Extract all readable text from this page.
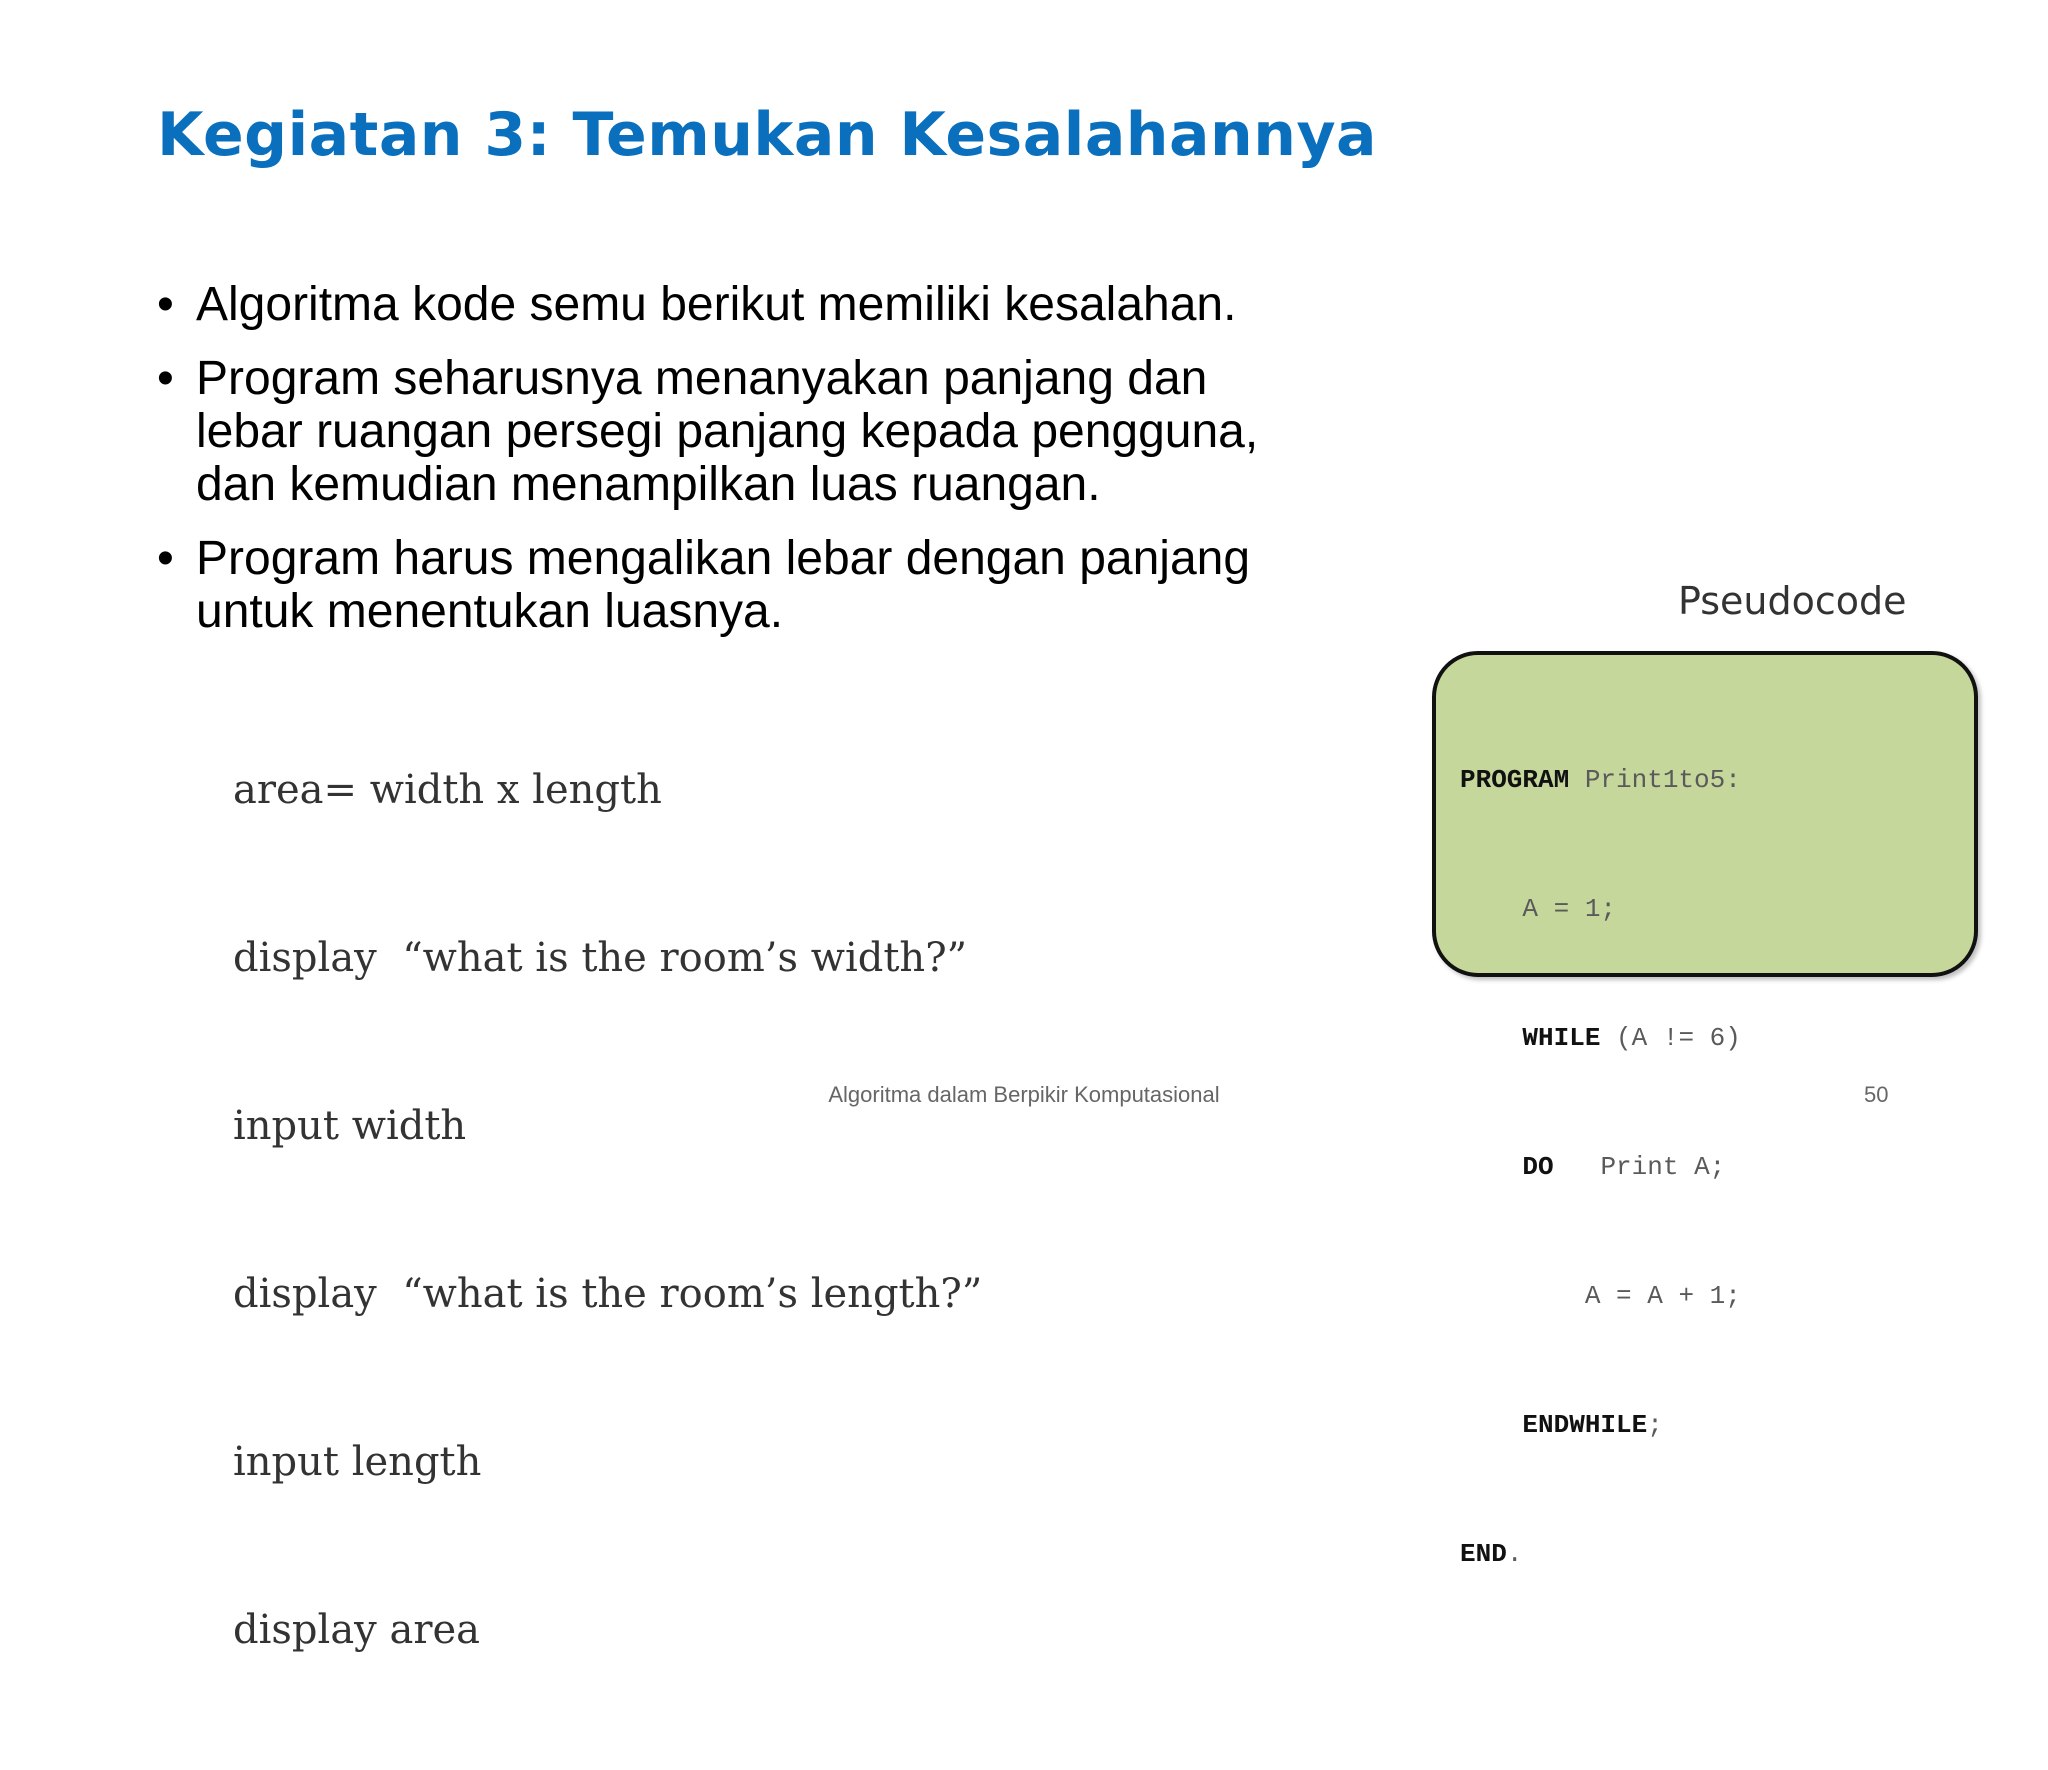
Kegiatan 3: Temukan Kesalahannya
• Algoritma kode semu berikut memiliki kesalahan.
• Program seharusnya menanyakan panjang dan
lebar ruangan persegi panjang kepada pengguna,
dan kemudian menampilkan luas ruangan.
• Program harus mengalikan lebar dengan panjang
untuk menentukan luasnya.

area= width x length

display  “what is the room’s width?”

input width

display  “what is the room’s length?”

input length

display area

Pseudocode

PROGRAM Print1to5:

A = 1;

WHILE (A != 6)

DO   Print A;

A = A + 1;

ENDWHILE;

END.

Algoritma dalam Berpikir Komputasional	50
